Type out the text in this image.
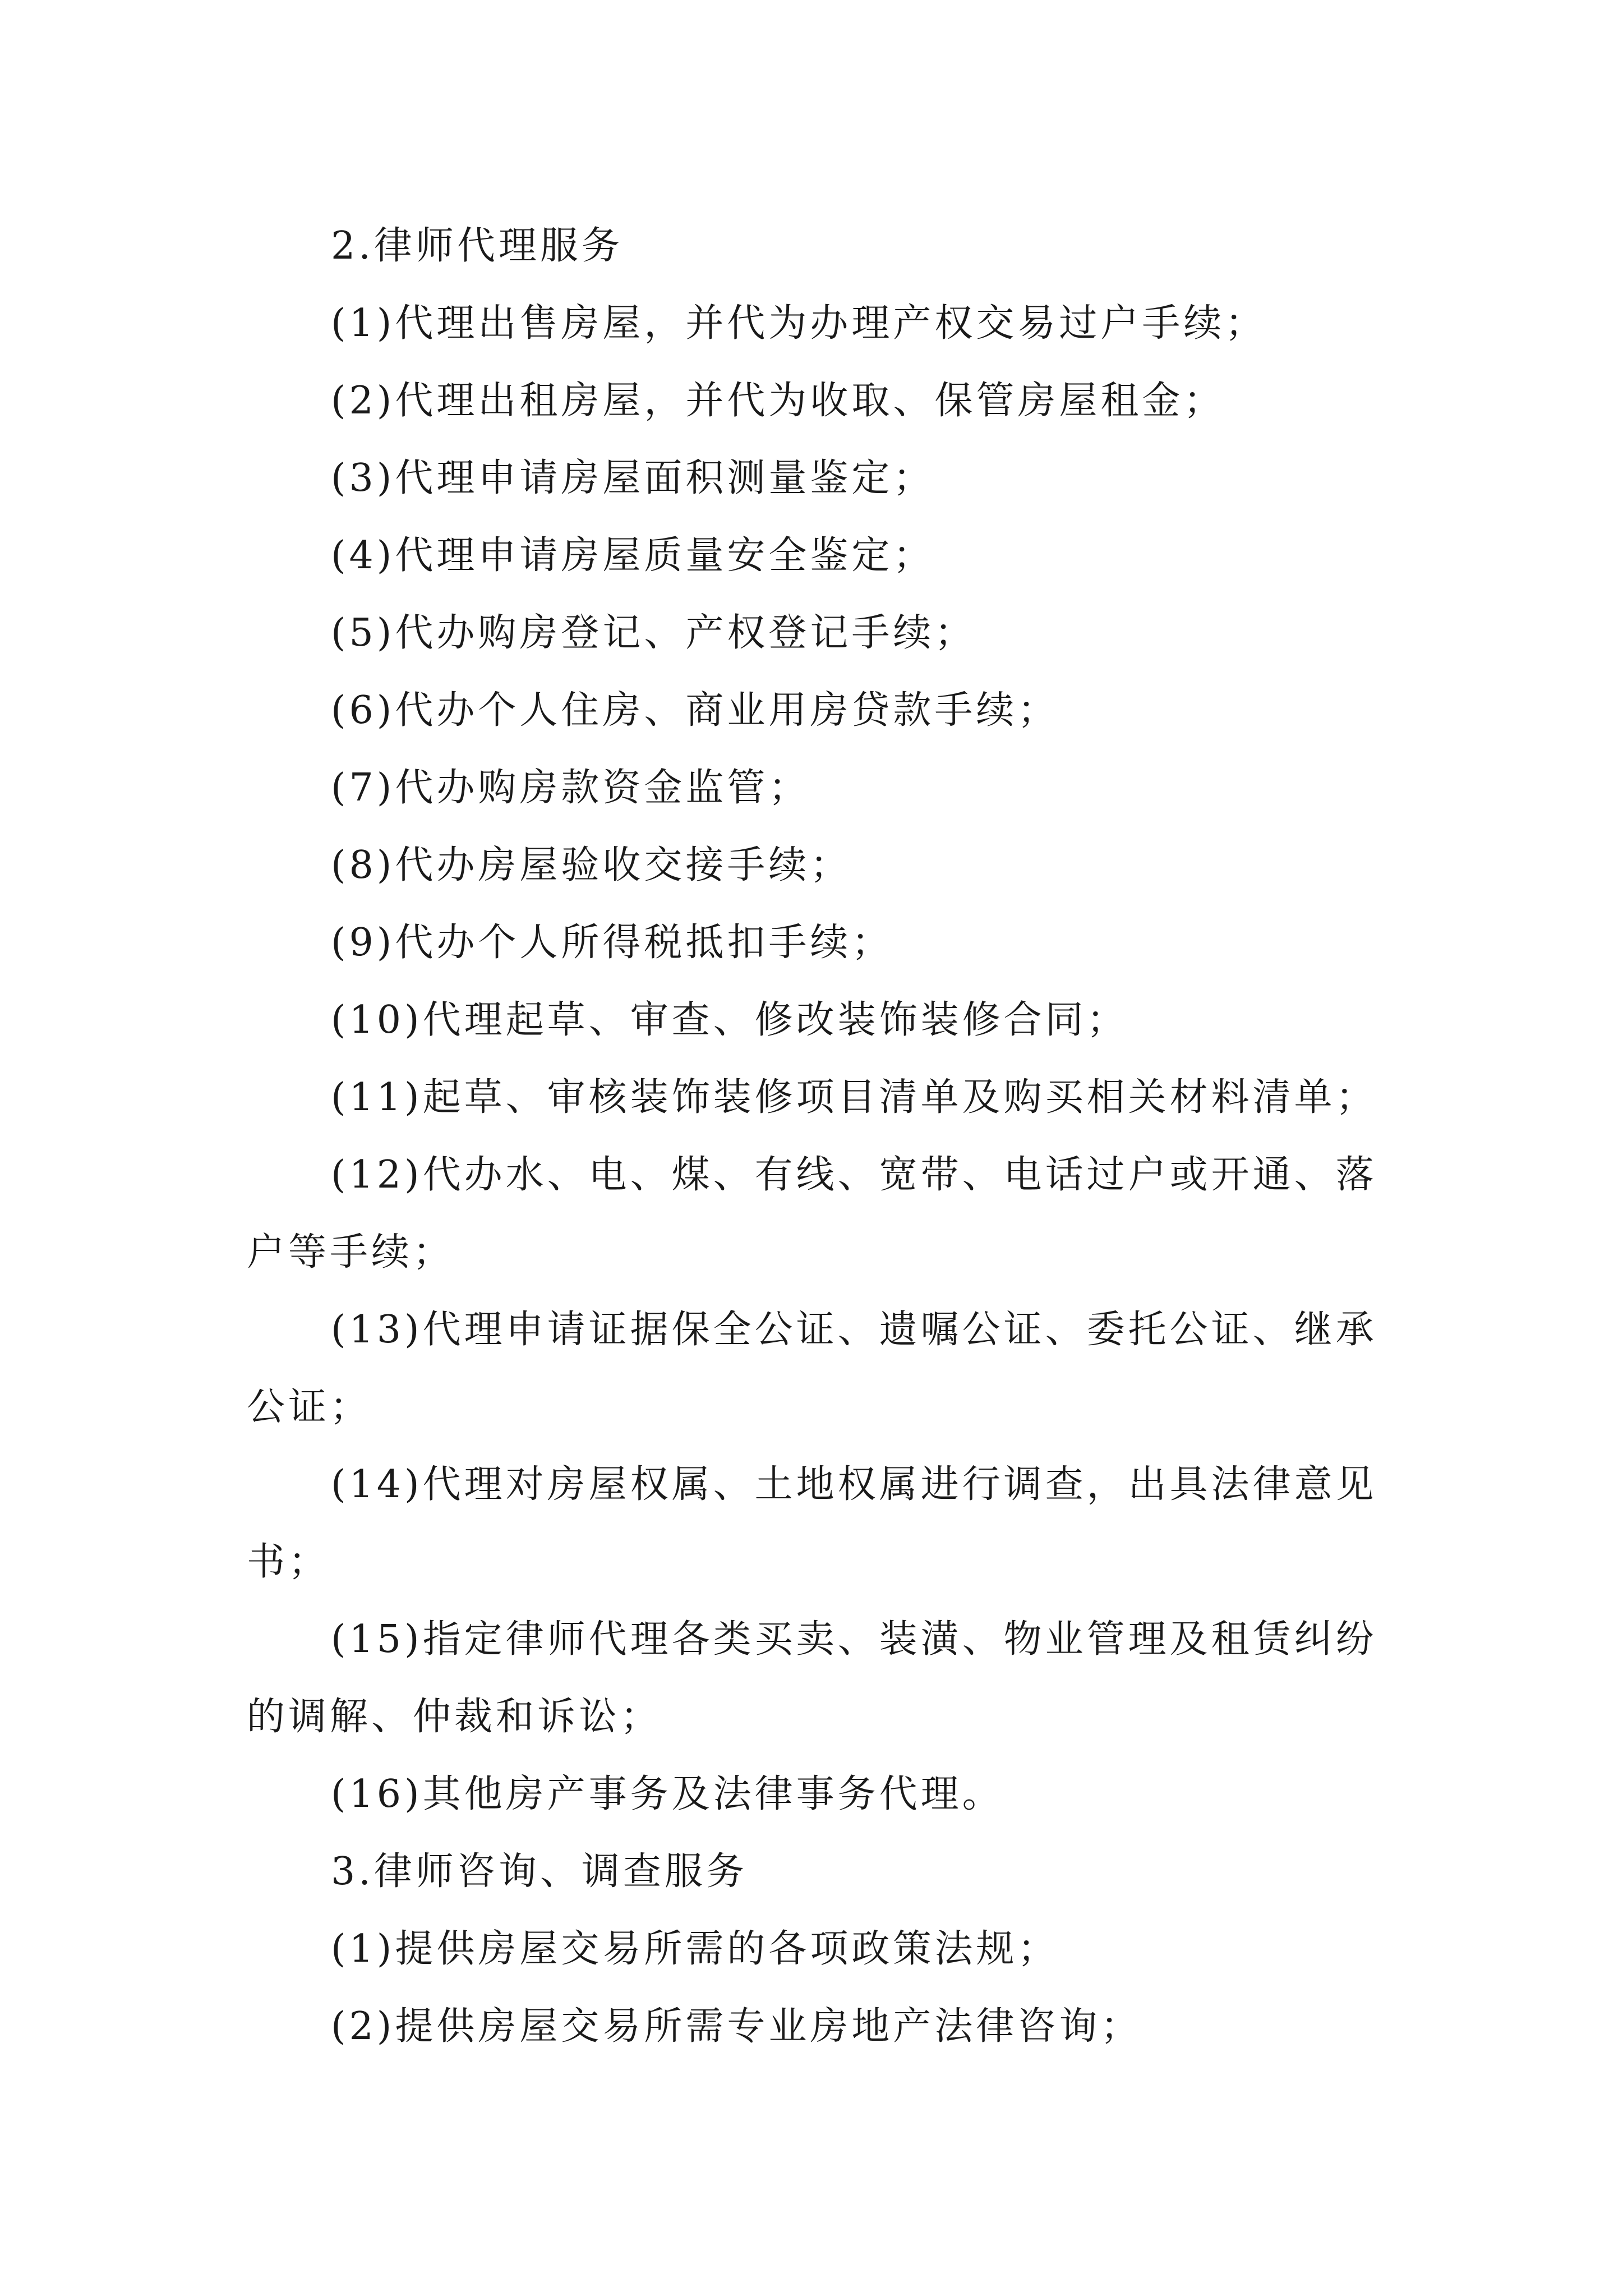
2.律师代理服务

(1)代理出售房屋，并代为办理产权交易过户手续；

(2)代理出租房屋，并代为收取、保管房屋租金；

(3)代理申请房屋面积测量鉴定；

(4)代理申请房屋质量安全鉴定；

(5)代办购房登记、产权登记手续；

(6)代办个人住房、商业用房贷款手续；

(7)代办购房款资金监管；

(8)代办房屋验收交接手续；

(9)代办个人所得税抵扣手续；

(10)代理起草、审查、修改装饰装修合同；

(11)起草、审核装饰装修项目清单及购买相关材料清单；

(12)代办水、电、煤、有线、宽带、电话过户或开通、落户等手续；

(13)代理申请证据保全公证、遗嘱公证、委托公证、继承公证；

(14)代理对房屋权属、土地权属进行调查，出具法律意见书；

(15)指定律师代理各类买卖、装潢、物业管理及租赁纠纷的调解、仲裁和诉讼；

(16)其他房产事务及法律事务代理。

3.律师咨询、调查服务

(1)提供房屋交易所需的各项政策法规；

(2)提供房屋交易所需专业房地产法律咨询；
